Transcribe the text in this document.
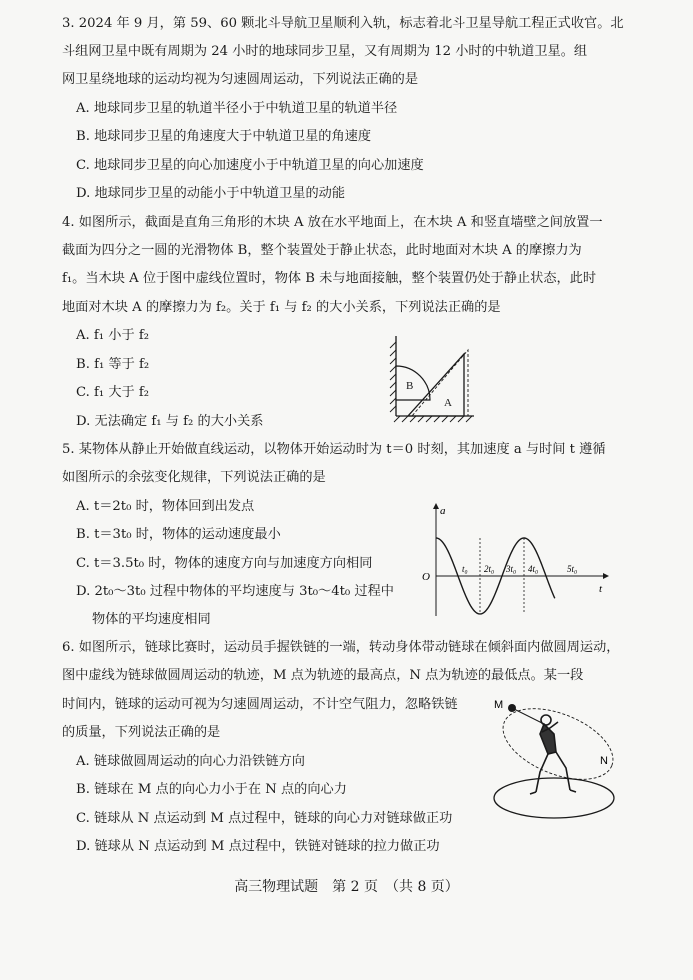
3. 2024 年 9 月，第 59、60 颗北斗导航卫星顺利入轨，标志着北斗卫星导航工程正式收官。北
斗组网卫星中既有周期为 24 小时的地球同步卫星，又有周期为 12 小时的中轨道卫星。组
网卫星绕地球的运动均视为匀速圆周运动，下列说法正确的是
A. 地球同步卫星的轨道半径小于中轨道卫星的轨道半径
B. 地球同步卫星的角速度大于中轨道卫星的角速度
C. 地球同步卫星的向心加速度小于中轨道卫星的向心加速度
D. 地球同步卫星的动能小于中轨道卫星的动能
4. 如图所示，截面是直角三角形的木块 A 放在水平地面上，在木块 A 和竖直墙壁之间放置一
截面为四分之一圆的光滑物体 B，整个装置处于静止状态，此时地面对木块 A 的摩擦力为
f₁。当木块 A 位于图中虚线位置时，物体 B 未与地面接触，整个装置仍处于静止状态，此时
地面对木块 A 的摩擦力为 f₂。关于 f₁ 与 f₂ 的大小关系，下列说法正确的是
A. f₁ 小于 f₂
B. f₁ 等于 f₂
C. f₁ 大于 f₂
D. 无法确定 f₁ 与 f₂ 的大小关系
B
A
5. 某物体从静止开始做直线运动，以物体开始运动时为 t＝0 时刻，其加速度 a 与时间 t 遵循
如图所示的余弦变化规律，下列说法正确的是
A. t＝2t₀ 时，物体回到出发点
B. t＝3t₀ 时，物体的运动速度最小
C. t＝3.5t₀ 时，物体的速度方向与加速度方向相同
D. 2t₀～3t₀ 过程中物体的平均速度与 3t₀～4t₀ 过程中
物体的平均速度相同
a
t
O
t₀ 2t₀ 3t₀ 4t₀	5t₀
6. 如图所示，链球比赛时，运动员手握铁链的一端，转动身体带动链球在倾斜面内做圆周运动，
图中虚线为链球做圆周运动的轨迹，M 点为轨迹的最高点，N 点为轨迹的最低点。某一段
时间内，链球的运动可视为匀速圆周运动，不计空气阻力，忽略铁链
的质量，下列说法正确的是
A. 链球做圆周运动的向心力沿铁链方向
B. 链球在 M 点的向心力小于在 N 点的向心力
C. 链球从 N 点运动到 M 点过程中，链球的向心力对链球做正功
D. 链球从 N 点运动到 M 点过程中，铁链对链球的拉力做正功
M
N
高三物理试题　第 2 页　（共 8 页）
